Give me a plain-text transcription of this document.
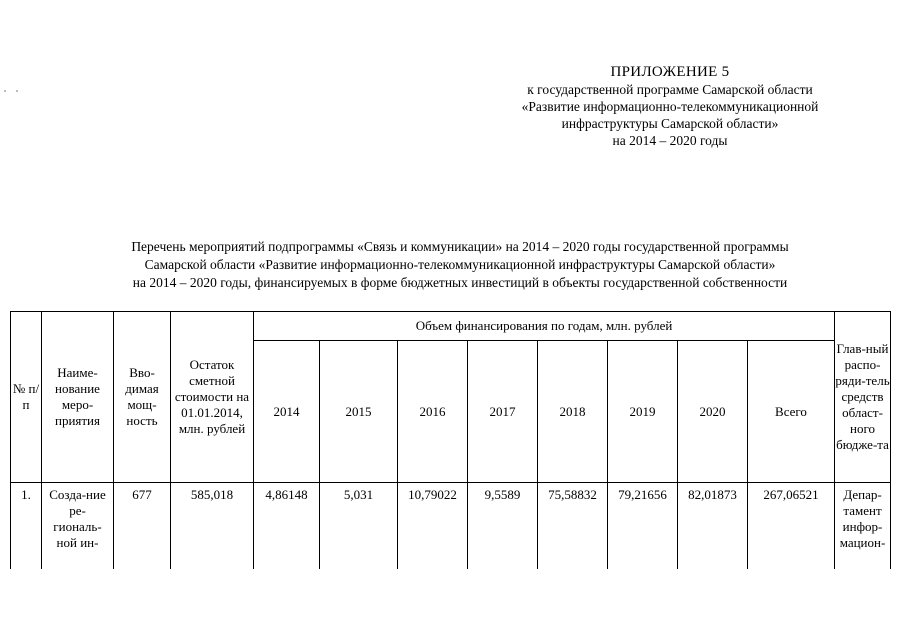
ПРИЛОЖЕНИЕ 5
к государственной программе Самарской области
«Развитие информационно-телекоммуникационной
инфраструктуры Самарской области»
на 2014 – 2020 годы
Перечень мероприятий подпрограммы «Связь и коммуникации» на 2014 – 2020 годы государственной программы
Самарской области «Развитие информационно-телекоммуникационной инфраструктуры Самарской области»
на 2014 – 2020 годы, финансируемых в форме бюджетных инвестиций в объекты государственной собственности
№ п/п	Наиме-нование меро-приятия	Вво-димая мощ-ность	Остаток сметной стоимости на 01.01.2014, млн. рублей	Объем финансирования по годам, млн. рублей								Глав-ный распо-ряди-тель средств област-ного бюдже-та
				2014	2015	2016	2017	2018	2019	2020	Всего	
1.	Созда-ние ре-гиональ-ной ин-	677	585,018	4,86148	5,031	10,79022	9,5589	75,58832	79,21656	82,01873	267,06521	Депар-тамент инфор-мацион-
